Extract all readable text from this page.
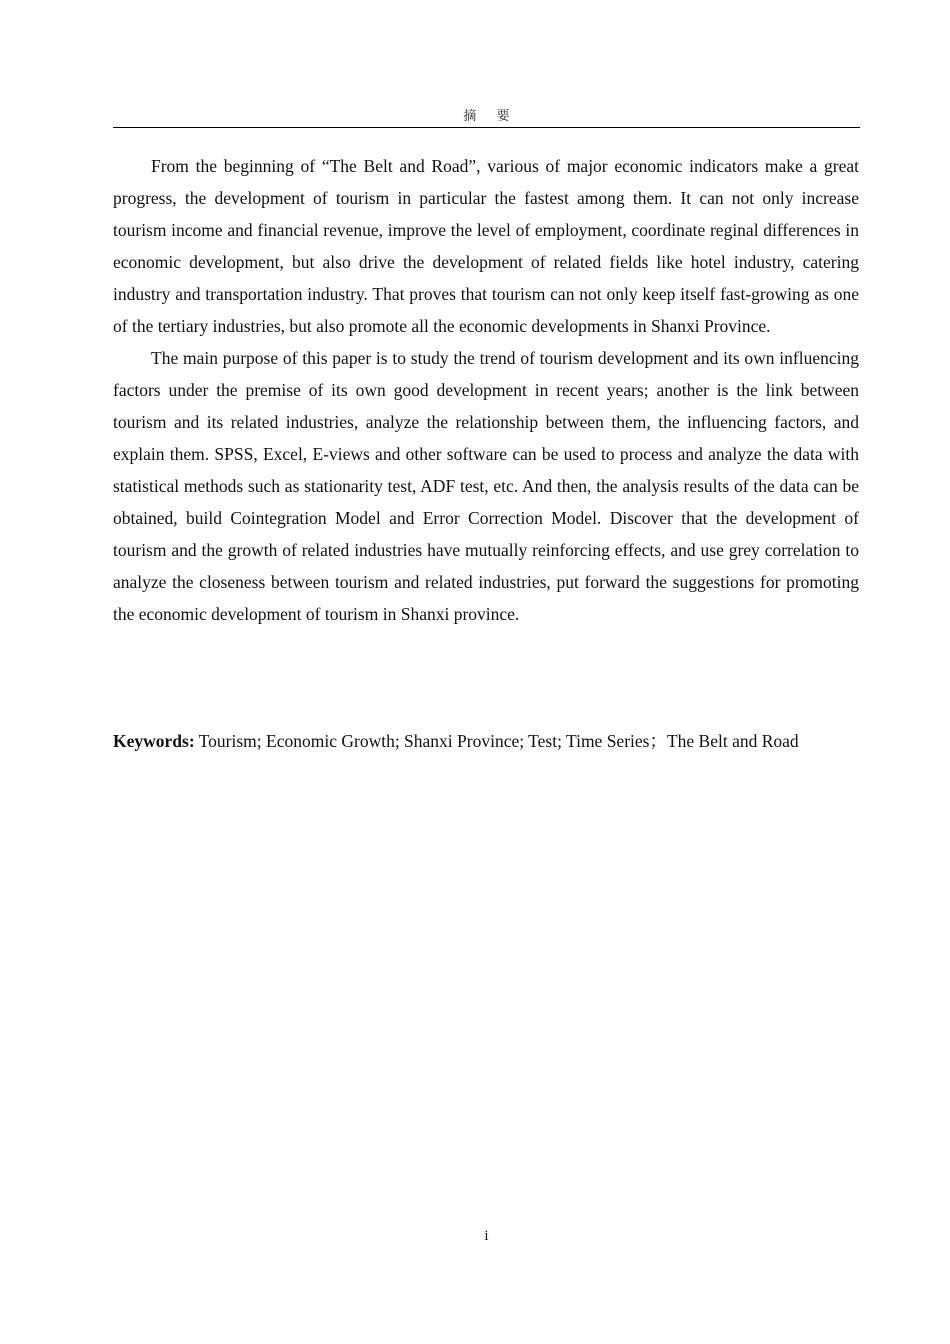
摘 要

From the beginning of “The Belt and Road”, various of major economic indicators make a great progress, the development of tourism in particular the fastest among them. It can not only increase tourism income and financial revenue, improve the level of employment, coordinate reginal differences in economic development, but also drive the development of related fields like hotel industry, catering industry and transportation industry. That proves that tourism can not only keep itself fast-growing as one of the tertiary industries, but also promote all the economic developments in Shanxi Province.

The main purpose of this paper is to study the trend of tourism development and its own influencing factors under the premise of its own good development in recent years; another is the link between tourism and its related industries, analyze the relationship between them, the influencing factors, and explain them. SPSS, Excel, E-views and other software can be used to process and analyze the data with statistical methods such as stationarity test, ADF test, etc. And then, the analysis results of the data can be obtained, build Cointegration Model and Error Correction Model. Discover that the development of tourism and the growth of related industries have mutually reinforcing effects, and use grey correlation to analyze the closeness between tourism and related industries, put forward the suggestions for promoting the economic development of tourism in Shanxi province.

Keywords: Tourism; Economic Growth; Shanxi Province; Test; Time Series；The Belt and Road
i
